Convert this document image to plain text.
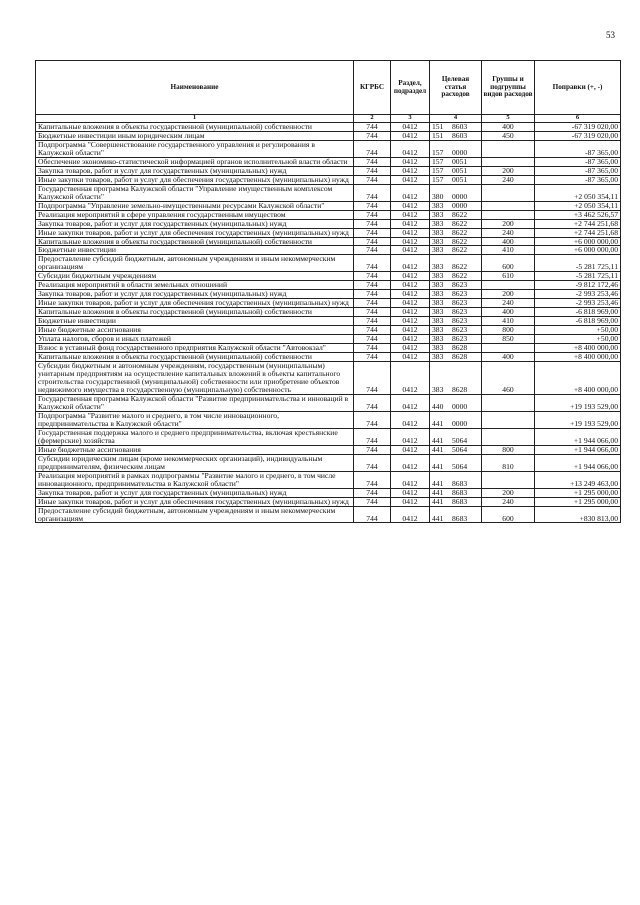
53
Наименование	КГРБС	Раздел, подраздел	Целевая статья расходов	Группы и подгруппы видов расходов	Поправки (+, -)
1	2	3	4	5	6
Капитальные вложения в объекты государственной (муниципальной) собственности	744	0412	151 8603	400	-67 319 020,00
Бюджетные инвестиции иным юридическим лицам	744	0412	151 8603	450	-67 319 020,00
Подпрограмма "Совершенствование государственного управления и регулирования в Калужской области"	744	0412	157 0000		-87 365,00
Обеспечение экономико-статистической информацией органов исполнительной власти области	744	0412	157 0051		-87 365,00
Закупка товаров, работ и услуг для государственных (муниципальных) нужд	744	0412	157 0051	200	-87 365,00
Иные закупки товаров, работ и услуг для обеспечения государственных (муниципальных) нужд	744	0412	157 0051	240	-87 365,00
Государственная программа Калужской области "Управление имущественным комплексом Калужской области"	744	0412	380 0000		+2 050 354,11
Подпрограмма "Управление земельно-имущественными ресурсами Калужской области"	744	0412	383 0000		+2 050 354,11
Реализация мероприятий в сфере управления государственным имуществом	744	0412	383 8622		+3 462 526,57
Закупка товаров, работ и услуг для государственных (муниципальных) нужд	744	0412	383 8622	200	+2 744 251,68
Иные закупки товаров, работ и услуг для обеспечения государственных (муниципальных) нужд	744	0412	383 8622	240	+2 744 251,68
Капитальные вложения в объекты государственной (муниципальной) собственности	744	0412	383 8622	400	+6 000 000,00
Бюджетные инвестиции	744	0412	383 8622	410	+6 000 000,00
Предоставление субсидий бюджетным, автономным учреждениям и иным некоммерческим организациям	744	0412	383 8622	600	-5 281 725,11
Субсидии бюджетным учреждениям	744	0412	383 8622	610	-5 281 725,11
Реализация мероприятий в области земельных отношений	744	0412	383 8623		-9 812 172,46
Закупка товаров, работ и услуг для государственных (муниципальных) нужд	744	0412	383 8623	200	-2 993 253,46
Иные закупки товаров, работ и услуг для обеспечения государственных (муниципальных) нужд	744	0412	383 8623	240	-2 993 253,46
Капитальные вложения в объекты государственной (муниципальной) собственности	744	0412	383 8623	400	-6 818 969,00
Бюджетные инвестиции	744	0412	383 8623	410	-6 818 969,00
Иные бюджетные ассигнования	744	0412	383 8623	800	+50,00
Уплата налогов, сборов и иных платежей	744	0412	383 8623	850	+50,00
Взнос в уставный фонд государственного предприятия Калужской области "Автовокзал"	744	0412	383 8628		+8 400 000,00
Капитальные вложения в объекты государственной (муниципальной) собственности	744	0412	383 8628	400	+8 400 000,00
Субсидии бюджетным и автономным учреждениям, государственным (муниципальным) унитарным предприятиям на осуществление капитальных вложений в объекты капитального строительства государственной (муниципальной) собственности или приобретение объектов недвижимого имущества в государственную (муниципальную) собственность	744	0412	383 8628	460	+8 400 000,00
Государственная программа Калужской области "Развитие предпринимательства и инноваций в Калужской области"	744	0412	440 0000		+19 193 529,00
Подпрограмма "Развитие малого и среднего, в том числе инновационного, предпринимательства в Калужской области"	744	0412	441 0000		+19 193 529,00
Государственная поддержка малого и среднего предпринимательства, включая крестьянские (фермерские) хозяйства	744	0412	441 5064		+1 944 066,00
Иные бюджетные ассигнования	744	0412	441 5064	800	+1 944 066,00
Субсидии юридическим лицам (кроме некоммерческих организаций), индивидуальным предпринимателям, физическим лицам	744	0412	441 5064	810	+1 944 066,00
Реализация мероприятий в рамках подпрограммы "Развитие малого и среднего, в том числе инновационного, предпринимательства в Калужской области"	744	0412	441 8683		+13 249 463,00
Закупка товаров, работ и услуг для государственных (муниципальных) нужд	744	0412	441 8683	200	+1 295 000,00
Иные закупки товаров, работ и услуг для обеспечения государственных (муниципальных) нужд	744	0412	441 8683	240	+1 295 000,00
Предоставление субсидий бюджетным, автономным учреждениям и иным некоммерческим организациям	744	0412	441 8683	600	+830 813,00
